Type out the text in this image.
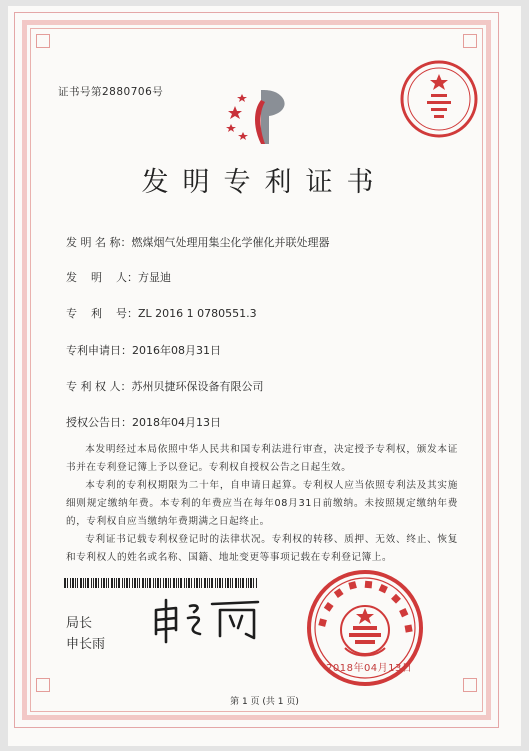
证书号第2880706号
发明专利证书
发 明 名 称：燃煤烟气处理用集尘化学催化并联处理器
发    明    人：方显迪
专    利    号：ZL 2016 1 0780551.3
专利申请日：2016年08月31日
专 利 权 人：苏州贝捷环保设备有限公司
授权公告日：2018年04月13日

本发明经过本局依照中华人民共和国专利法进行审查，决定授予专利权，颁发本证书并在专利登记簿上予以登记。专利权自授权公告之日起生效。

本专利的专利权期限为二十年，自申请日起算。专利权人应当依照专利法及其实施细则规定缴纳年费。本专利的年费应当在每年08月31日前缴纳。未按照规定缴纳年费的，专利权自应当缴纳年费期满之日起终止。

专利证书记载专利权登记时的法律状况。专利权的转移、质押、无效、终止、恢复和专利权人的姓名或名称、国籍、地址变更等事项记载在专利登记簿上。

局长
申长雨
2018年04月13日
第 1 页 (共 1 页)
